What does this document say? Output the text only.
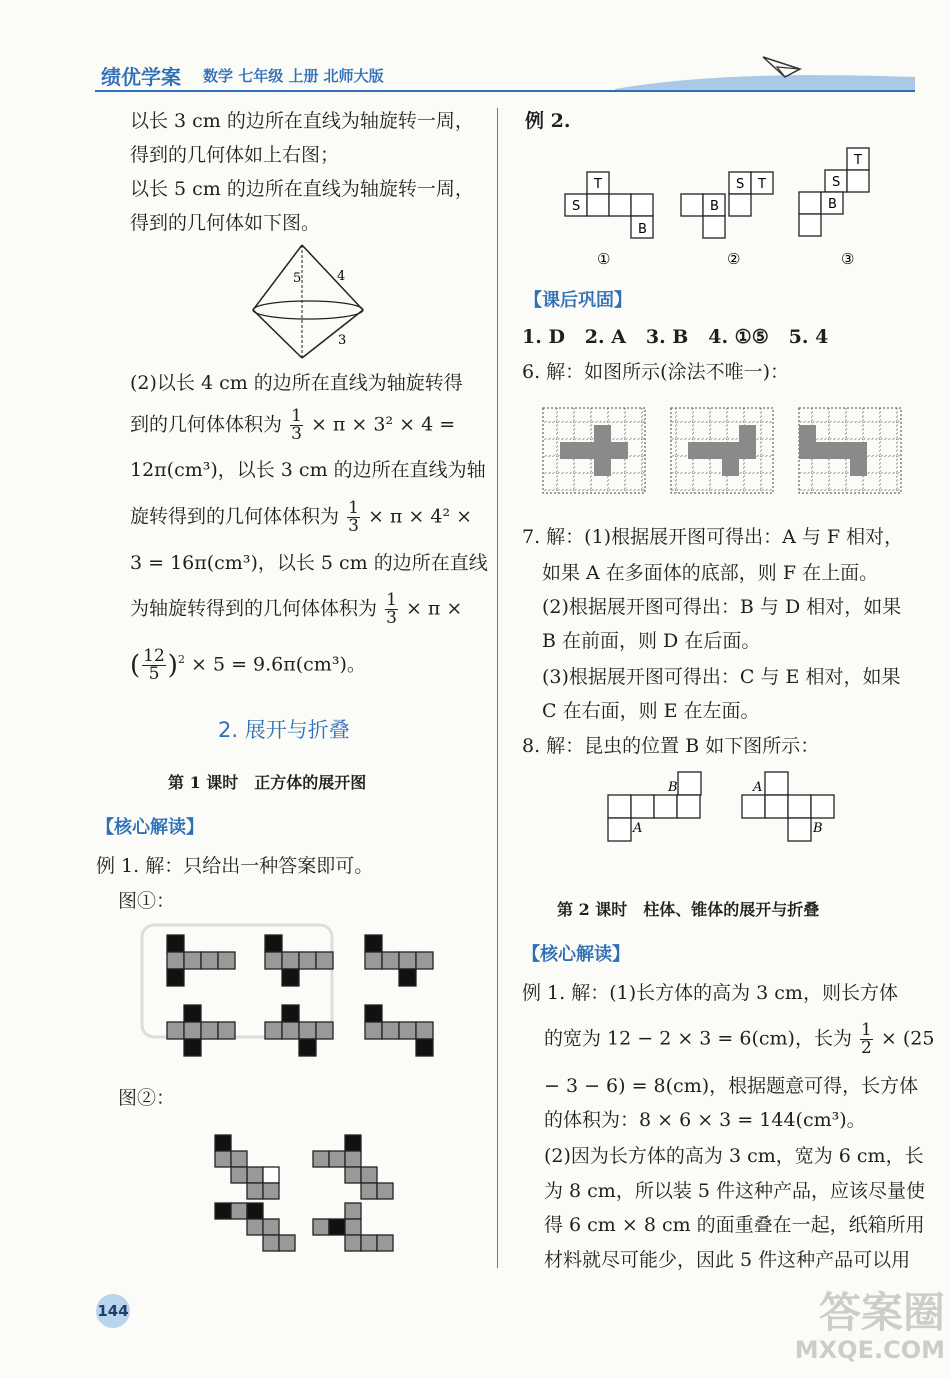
绩优学案 数学 七年级 上册 北师大版
以长 3 cm 的边所在直线为轴旋转一周，
得到的几何体如上右图；
以长 5 cm 的边所在直线为轴旋转一周，
得到的几何体如下图。
5	4
3
(2)以长 4 cm 的边所在直线为轴旋转得
到的几何体体积为 $\frac{1}{3} \times \pi \times 3^2 \times 4$ =
12π(cm³)，以长 3 cm 的边所在直线为轴
旋转得到的几何体体积为 $\frac{1}{3} \times \pi \times 4^2$ ×
3 = 16π(cm³)，以长 5 cm 的边所在直线
为轴旋转得到的几何体体积为 $\frac{1}{3} \times \pi$ ×
( $\frac{12}{5} )^2 \times 5 = 9.6\pi(cm^3)$。
2. 展开与折叠
第 1 课时　正方体的展开图
【核心解读】
例 1. 解：只给出一种答案即可。
图①：
图②：
144
例 2.
T
S
B
S T
B
T
S
B
①	②	③
【课后巩固】
1. D 2. A 3. B 4. ①⑤ 5. 4
6. 解：如图所示(涂法不唯一)：
7. 解：(1)根据展开图可得出：A 与 F 相对，
如果 A 在多面体的底部，则 F 在上面。
(2)根据展开图可得出：B 与 D 相对，如果
B 在前面，则 D 在后面。
(3)根据展开图可得出：C 与 E 相对，如果
C 在右面，则 E 在左面。
8. 解：昆虫的位置 B 如下图所示：
B
A
A
B
第 2 课时　柱体、锥体的展开与折叠
【核心解读】
例 1. 解：(1)长方体的高为 3 cm，则长方体
的宽为 12 − 2 × 3 = 6(cm)，长为 $\frac{1}{2} \times (25$
− 3 − 6) = 8(cm)，根据题意可得，长方体
的体积为：8 × 6 × 3 = 144(cm³)。
(2)因为长方体的高为 3 cm，宽为 6 cm，长
为 8 cm，所以装 5 件这种产品，应该尽量使
得 6 cm × 8 cm 的面重叠在一起，纸箱所用
材料就尽可能少，因此 5 件这种产品可以用
答案圈
MXQE.COM
